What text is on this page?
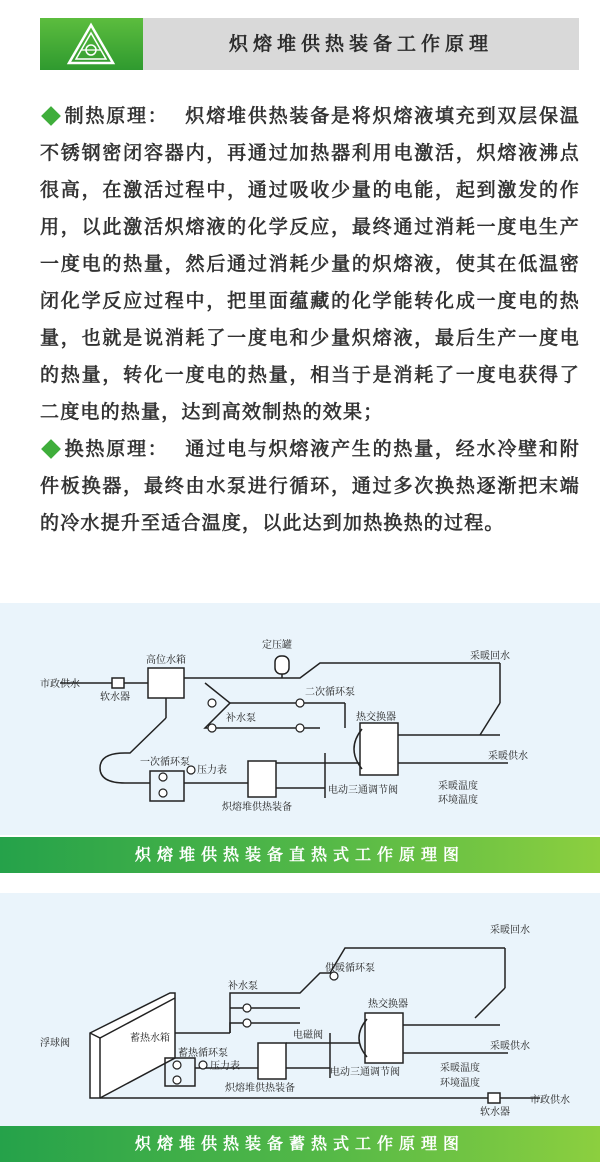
炽熔堆供热装备工作原理

制热原理： 炽熔堆供热装备是将炽熔液填充到双层保温不锈钢密闭容器内，再通过加热器利用电激活，炽熔液沸点很高，在激活过程中，通过吸收少量的电能，起到激发的作用，以此激活炽熔液的化学反应，最终通过消耗一度电生产一度电的热量，然后通过消耗少量的炽熔液，使其在低温密闭化学反应过程中，把里面蕴藏的化学能转化成一度电的热量，也就是说消耗了一度电和少量炽熔液，最后生产一度电的热量，转化一度电的热量，相当于是消耗了一度电获得了二度电的热量，达到高效制热的效果；

换热原理： 通过电与炽熔液产生的热量，经水冷壁和附件板换器，最终由水泵进行循环，通过多次换热逐渐把末端的冷水提升至适合温度，以此达到加热换热的过程。

市政供水
软水器
高位水箱
定压罐
采暖回水
二次循环泵
补水泵	热交换器
一次循环泵
压力表
炽熔堆供热装备
采暖供水
电动三通调节阀	采暖温度
环境温度
炽熔堆供热装备直热式工作原理图
采暖回水
供暖循环泵
补水泵
热交换器
浮球阀	蓄热水箱
蓄热循环泵
压力表
电磁阀
采暖供水
电动三通调节阀	采暖温度
环境温度
炽熔堆供热装备
市政供水
软水器
炽熔堆供热装备蓄热式工作原理图
